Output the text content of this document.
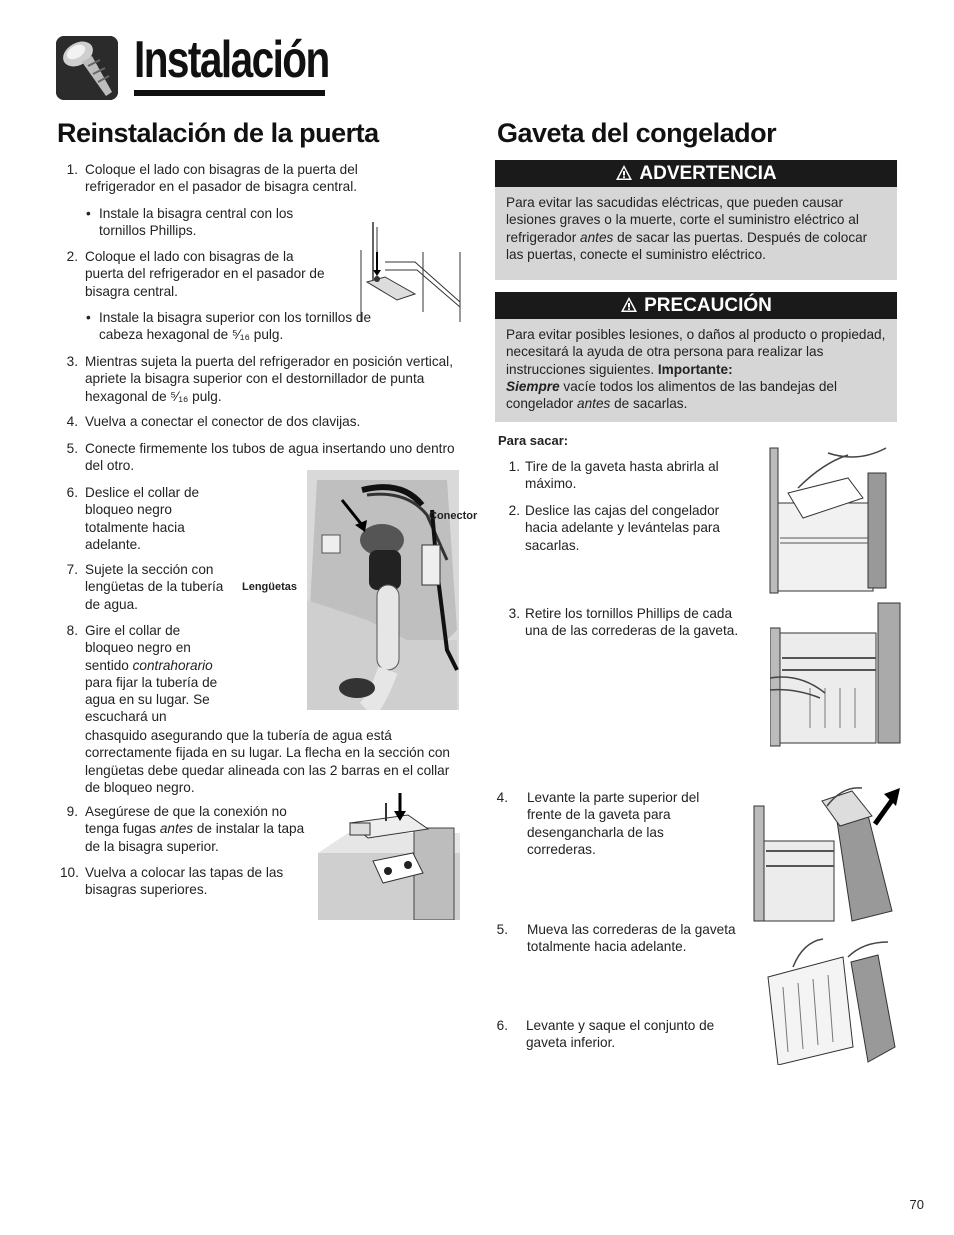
Instalación
Reinstalación de la puerta
1. Coloque el lado con bisagras de la puerta del refrigerador en el pasador de bisagra central.
• Instale la bisagra central con los tornillos Phillips.
2. Coloque el lado con bisagras de la puerta del refrigerador en el pasador de bisagra central.
• Instale la bisagra superior con los tornillos de cabeza hexagonal de ⁵⁄₁₆ pulg.
3. Mientras sujeta la puerta del refrigerador en posición vertical, apriete la bisagra superior con el destornillador de punta hexagonal de ⁵⁄₁₆ pulg.
4. Vuelva a conectar el conector de dos clavijas.
5. Conecte firmemente los tubos de agua insertando uno dentro del otro.
6. Deslice el collar de bloqueo negro totalmente hacia adelante.
7. Sujete la sección con lengüetas de la tubería de agua.
8. Gire el collar de bloqueo negro en sentido contrahorario para fijar la tubería de agua en su lugar. Se escuchará un
chasquido asegurando que la tubería de agua está correctamente fijada en su lugar. La flecha en la sección con lengüetas debe quedar alineada con las 2 barras en el collar de bloqueo negro.
Lengüetas
Conector
9. Asegúrese de que la conexión no tenga fugas antes de instalar la tapa de la bisagra superior.
10. Vuelva a colocar las tapas de las bisagras superiores.
Gaveta del congelador
ADVERTENCIA
Para evitar las sacudidas eléctricas, que pueden causar lesiones graves o la muerte, corte el suministro eléctrico al refrigerador antes de sacar las puertas. Después de colocar las puertas, conecte el suministro eléctrico.
PRECAUCIÓN
Para evitar posibles lesiones, o daños al producto o propiedad, necesitará la ayuda de otra persona para realizar las instrucciones siguientes. Importante:
Siempre vacíe todos los alimentos de las bandejas del congelador antes de sacarlas.
Para sacar:
1. Tire de la gaveta hasta abrirla al máximo.
2. Deslice las cajas del congelador hacia adelante y levántelas para sacarlas.
3. Retire los tornillos Phillips de cada una de las correderas de la gaveta.
4. Levante la parte superior del frente de la gaveta para desengancharla de las correderas.
5. Mueva las correderas de la gaveta totalmente hacia adelante.
6. Levante y saque el conjunto de gaveta inferior.
70
